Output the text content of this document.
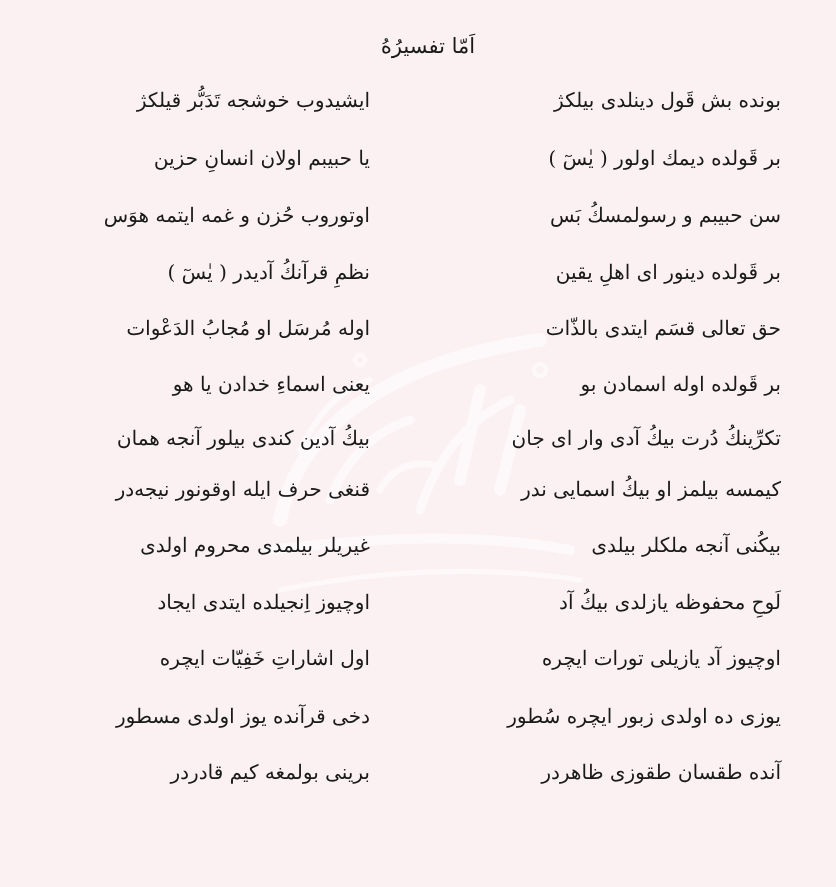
اَمّا تفسیرُهُ
بونده بش قَول دینلدی بیلکژ
ایشیدوب خوشجه تَدَبُّر قیلکژ
بر قَولده دیمك اولور ( یٰسٓ )
یا حبیبم اولان انسانِ حزین
سن حبیبم و رسولمسكُ بَس
اوتوروب حُزن و غمه ایتمه هوَس
بر قَولده دینور ای اهلِ یقین
نظمِ قرآنكُ آدیدر ( یٰسٓ )
حق تعالی قسَم ایتدی بالذّات
اوله مُرسَل او مُجابُ الدَعْوات
بر قَولده اوله اسمادن بو
یعنی اسماءِ خدادن یا هو
تكرِّینكُ دُرت بیكُ آدی وار ای جان
بیكُ آدین كندی بیلور آنجه همان
کیمسه بیلمز او بیكُ اسمایی ندر
قنغی حرف ایله اوقونور نیجه‌در
بیكُنی آنجه ملكلر بیلدی
غیریلر بیلمدی محروم اولدی
لَوحِ محفوظه یازلدی بیكُ آد
اوچیوز اِنجیلده ایتدی ایجاد
اوچیوز آد یازیلی تورات ایچره
اول اشاراتِ خَفِیّات ایچره
یوزی ده اولدی زبور ایچره سُطور
دخی قرآنده یوز اولدی مسطور
آنده طقسان طقوزی ظاهردر
برینی بولمغه کیم قادردر
